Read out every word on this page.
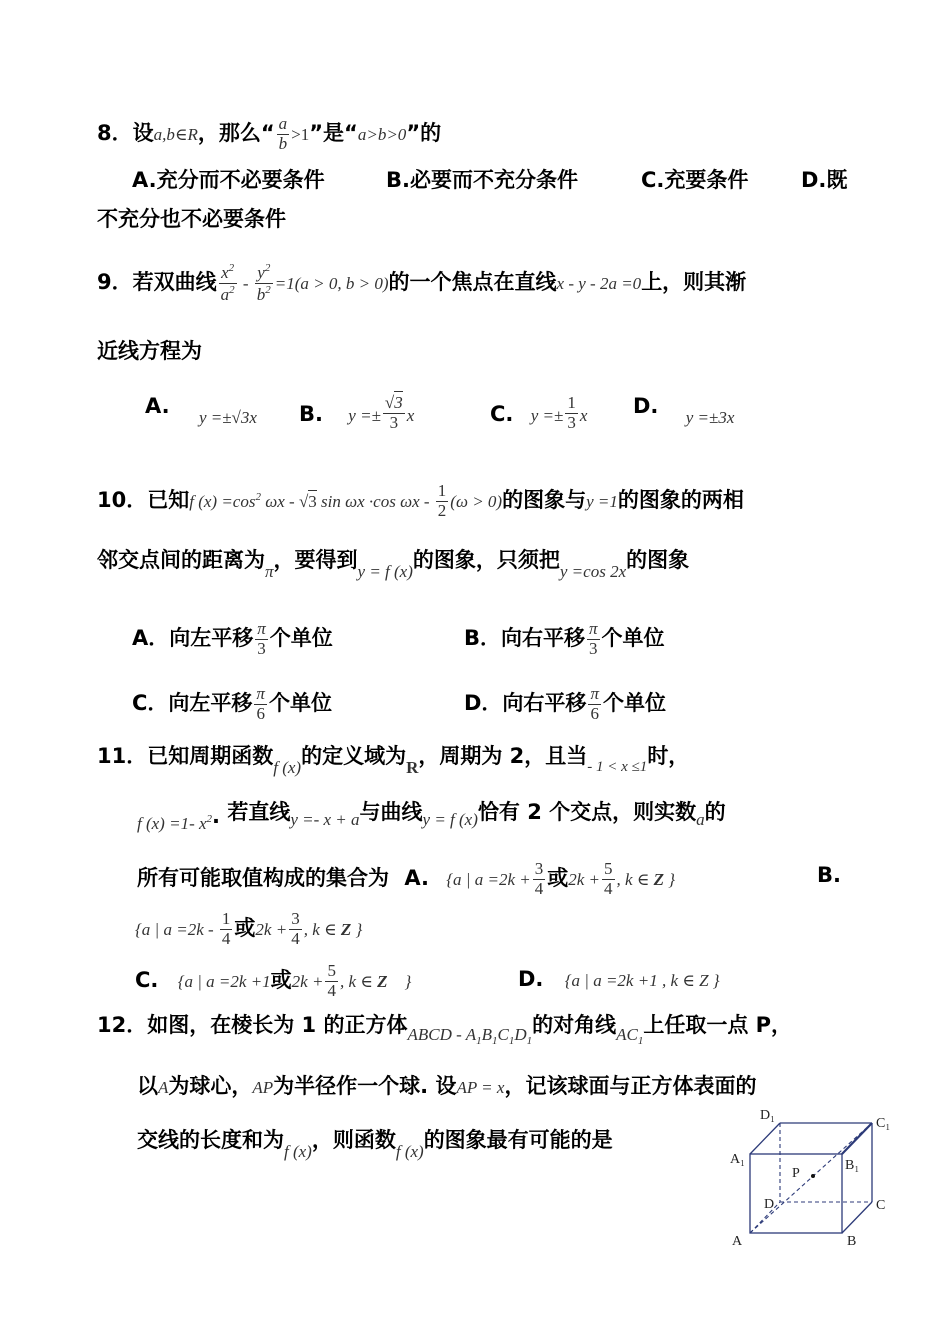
8．设a,b∈R，那么“ $\frac{a}{b} >1$”是“a>b>0”的
A.充分而不必要条件	B.必要而不充分条件	C.充要条件	D.既
不充分也不必要条件
9．若双曲线 $\frac{x^2}{a^2} - \frac{y^2}{b^2} =1(a > 0$, b > 0)的一个焦点在直线x - y - 2a =0上，则其渐
近线方程为
A. $_{y =\pm√3x}$ B. $_{y =\pm} \frac{√3}{3} _x$	C. $_{y =\pm} \frac{1}{3} _x$ D. $_{y =\pm 3x}$
10．已知f $(x) =\cos^2$ ωx - √3 sin ωx ·cos $\omega x - \frac{1}{2} (\omega > 0)$的图象与y =1的图象的两相
邻交点间的距离为$_\pi$，要得到$_{y = f (x)}$的图象，只须把$_{y =cos 2x}$的图象
A．向左平移 $\frac{\pi}{3}$ 个单位	B．向右平移 $\frac{\pi}{3}$ 个单位
C．向左平移 $\frac{\pi}{6}$ 个单位	D．向右平移 $\frac{\pi}{6}$ 个单位
11．已知周期函数$_{f (x)}$的定义域为$_R$，周期为 2，且当$_{- 1 < x \le 1}$时，
$_{f (x) =1- x^2}$. 若直线$_{y =- x + a}$与曲线$_{y = f (x)}$恰有 2 个交点，则实数$_a$的
所有可能取值构成的集合为 A. {a | $a =2k + \frac{3}{4}$ 或$2k + \frac{5}{4}$ , k ∈ Z }	B.
{a | $a =2k - \frac{1}{4}$ 或$2k + \frac{3}{4}$ , k ∈ Z }
C. {a | a =2k +1或$2k + \frac{5}{4}$ , k ∈ Z　}	D. {a | a =2k +1 , k ∈ Z }
12．如图，在棱长为 1 的正方体$_{ABCD - A_1B_1C_1D_1}$的对角线$_{AC_1}$上任取一点 P，
以A为球心，AP为半径作一个球. 设AP = x，记该球面与正方体表面的
交线的长度和为$_{f (x)}$，则函数$_{f (x)}$的图象最有可能的是
D₁
C₁
A₁	B₁
P
D	C
A	B
